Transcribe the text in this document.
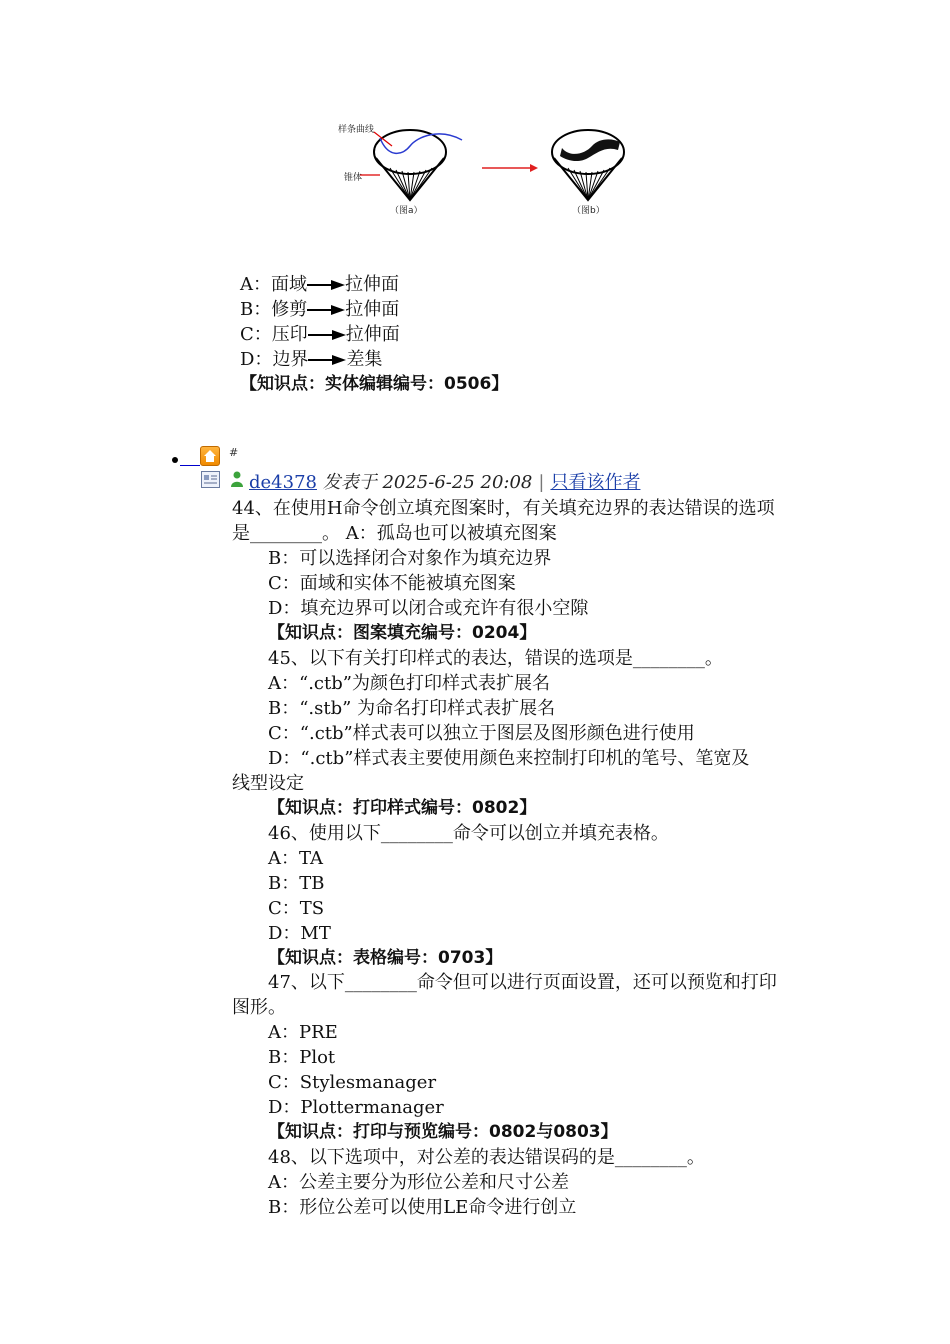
样条曲线
锥体
（图a）	（图b）
A：面域 拉伸面
B：修剪 拉伸面
C：压印 拉伸面
D：边界 差集
【知识点：实体编辑编号：0506】
#
de4378 发表于 2025-6-25 20:08 | 只看该作者
44、在使用H命令创立填充图案时，有关填充边界的表达错误的选项
是________。 A：孤岛也可以被填充图案
B：可以选择闭合对象作为填充边界
C：面域和实体不能被填充图案
D：填充边界可以闭合或充许有很小空隙
【知识点：图案填充编号：0204】
45、以下有关打印样式的表达，错误的选项是________。
A：“.ctb”为颜色打印样式表扩展名
B：“.stb” 为命名打印样式表扩展名
C：“.ctb”样式表可以独立于图层及图形颜色进行使用
D：“.ctb”样式表主要使用颜色来控制打印机的笔号、笔宽及
线型设定
【知识点：打印样式编号：0802】
46、使用以下________命令可以创立并填充表格。
A：TA
B：TB
C：TS
D：MT
【知识点：表格编号：0703】
47、以下________命令但可以进行页面设置，还可以预览和打印
图形。
A：PRE
B：Plot
C：Stylesmanager
D：Plottermanager
【知识点：打印与预览编号：0802与0803】
48、以下选项中，对公差的表达错误码的是________。
A：公差主要分为形位公差和尺寸公差
B：形位公差可以使用LE命令进行创立
